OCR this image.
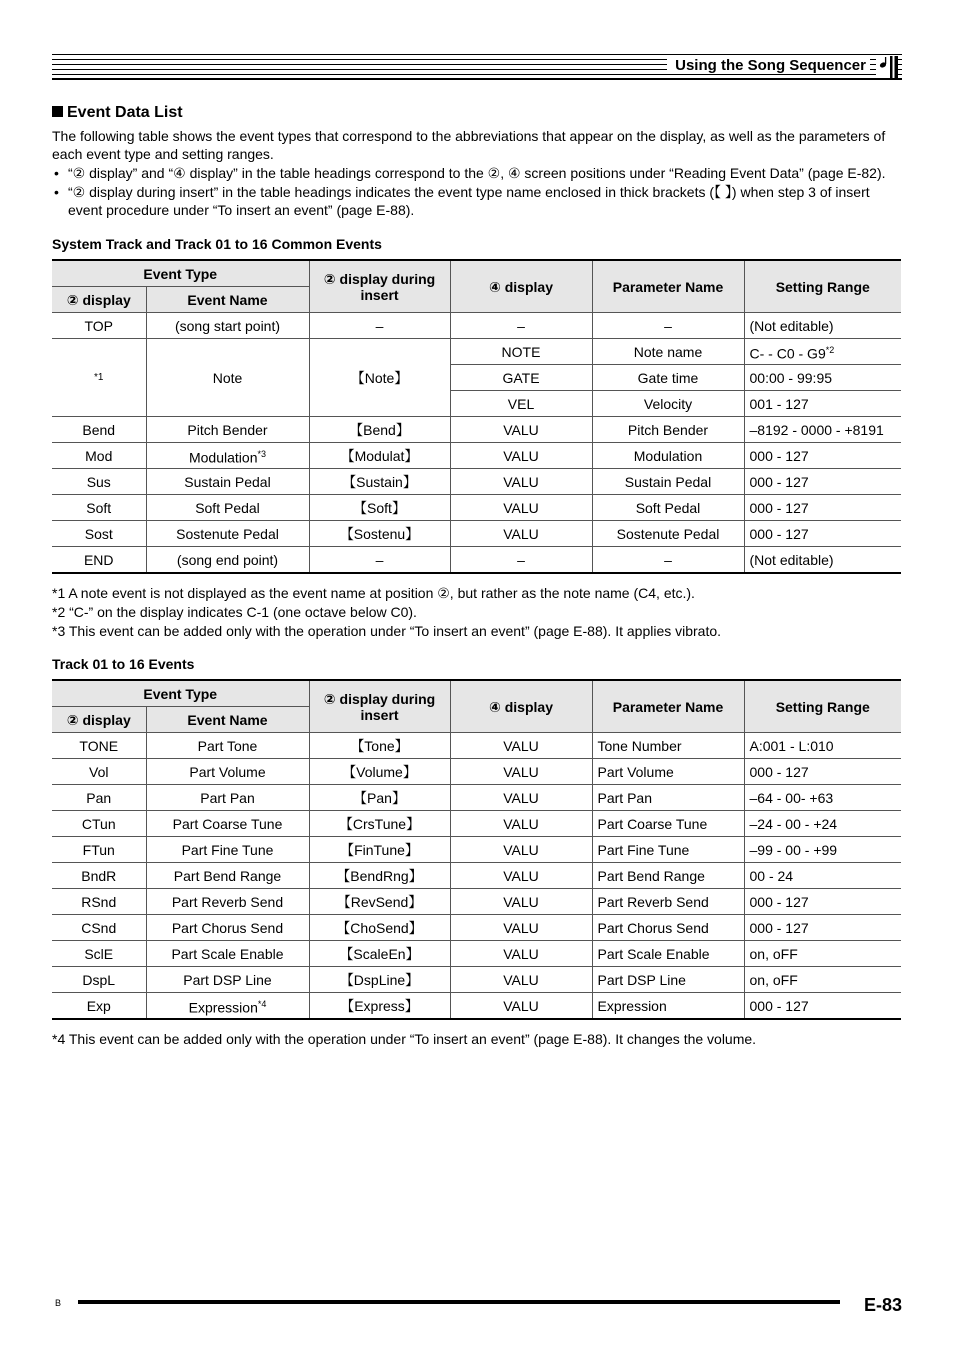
Using the Song Sequencer
Event Data List

The following table shows the event types that correspond to the abbreviations that appear on the display, as well as the parameters of each event type and setting ranges.

• “② display” and “④ display” in the table headings correspond to the ②, ④ screen positions under “Reading Event Data” (page E-82).
• “② display during insert” in the table headings indicates the event type name enclosed in thick brackets (【 】) when step 3 of insert event procedure under “To insert an event” (page E-88).
System Track and Track 01 to 16 Common Events
Event Type		② display during insert	④ display	Parameter Name	Setting Range
② display	Event Name				
TOP	(song start point)	–	–	–	(Not editable)
*1	Note	【Note】	NOTE	Note name	C- - C0 - G9$^{*2}$
			GATE	Gate time	00:00 - 99:95
			VEL	Velocity	001 - 127
Bend	Pitch Bender	【Bend】	VALU	Pitch Bender	–8192 - 0000 - +8191
Mod	Modulation$^{*3}$	【Modulat】	VALU	Modulation	000 - 127
Sus	Sustain Pedal	【Sustain】	VALU	Sustain Pedal	000 - 127
Soft	Soft Pedal	【Soft】	VALU	Soft Pedal	000 - 127
Sost	Sostenute Pedal	【Sostenu】	VALU	Sostenute Pedal	000 - 127
END	(song end point)	–	–	–	(Not editable)
*1 A note event is not displayed as the event name at position ②, but rather as the note name (C4, etc.).
*2 “C-” on the display indicates C-1 (one octave below C0).
*3 This event can be added only with the operation under “To insert an event” (page E-88). It applies vibrato.
Track 01 to 16 Events
Event Type		② display during insert	④ display	Parameter Name	Setting Range
② display	Event Name				
TONE	Part Tone	【Tone】	VALU	Tone Number	A:001 - L:010
Vol	Part Volume	【Volume】	VALU	Part Volume	000 - 127
Pan	Part Pan	【Pan】	VALU	Part Pan	–64 - 00- +63
CTun	Part Coarse Tune	【CrsTune】	VALU	Part Coarse Tune	–24 - 00 - +24
FTun	Part Fine Tune	【FinTune】	VALU	Part Fine Tune	–99 - 00 - +99
BndR	Part Bend Range	【BendRng】	VALU	Part Bend Range	00 - 24
RSnd	Part Reverb Send	【RevSend】	VALU	Part Reverb Send	000 - 127
CSnd	Part Chorus Send	【ChoSend】	VALU	Part Chorus Send	000 - 127
SclE	Part Scale Enable	【ScaleEn】	VALU	Part Scale Enable	on, oFF
DspL	Part DSP Line	【DspLine】	VALU	Part DSP Line	on, oFF
Exp	Expression$^{*4}$	【Express】	VALU	Expression	000 - 127
*4 This event can be added only with the operation under “To insert an event” (page E-88). It changes the volume.
B	E-83
